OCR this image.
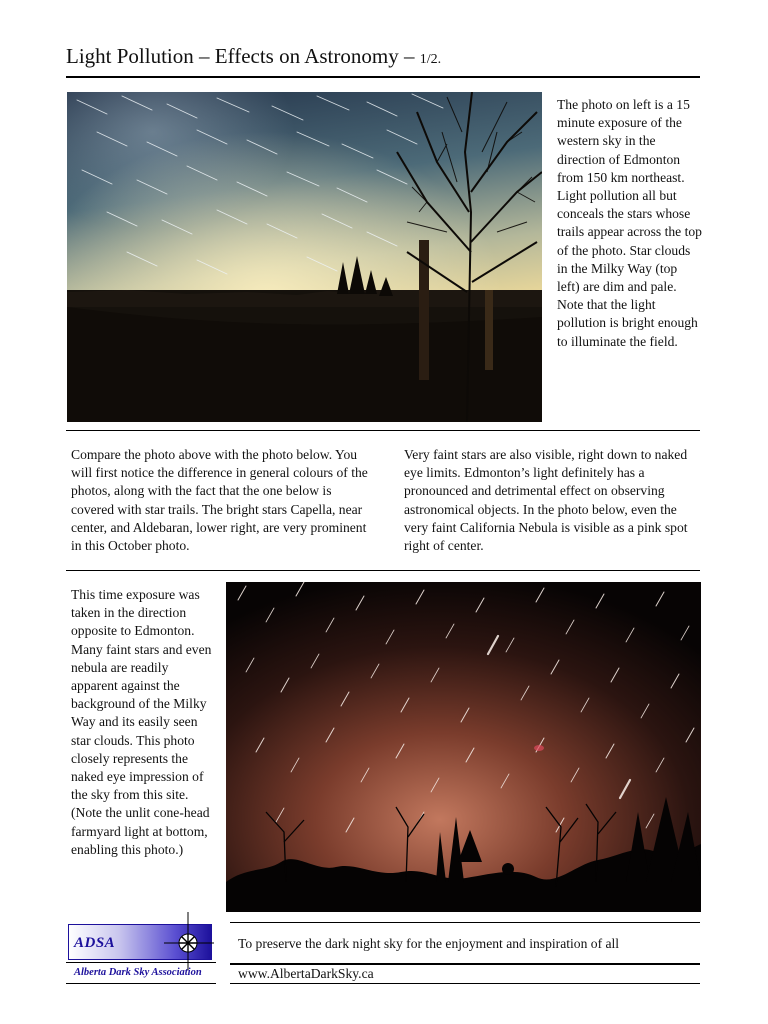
Light Pollution – Effects on Astronomy – 1/2.
The photo on left is a 15 minute exposure of the western sky in the direction of Edmonton from 150 km northeast. Light pollution all but conceals the stars whose trails appear across the top of the photo. Star clouds in the Milky Way (top left) are dim and pale. Note that the light pollution is bright enough to illuminate the field.
Compare the photo above with the photo below. You will first notice the difference in general colours of the photos, along with the fact that the one below is covered with star trails. The bright stars Capella, near center, and Aldebaran, lower right, are very prominent in this October photo.
Very faint stars are also visible, right down to naked eye limits. Edmonton’s light definitely has a pronounced and detrimental effect on observing astronomical objects. In the photo below, even the very faint California Nebula is visible as a pink spot right of center.
This time exposure was taken in the direction opposite to Edmonton. Many faint stars and even nebula are readily apparent against the background of the Milky Way and its easily seen star clouds. This photo closely represents the naked eye impression of the sky from this site. (Note the unlit cone-head farmyard light at bottom, enabling this photo.)
ADSA
Alberta Dark Sky Association
To preserve the dark night sky for the enjoyment and inspiration of all
www.AlbertaDarkSky.ca
